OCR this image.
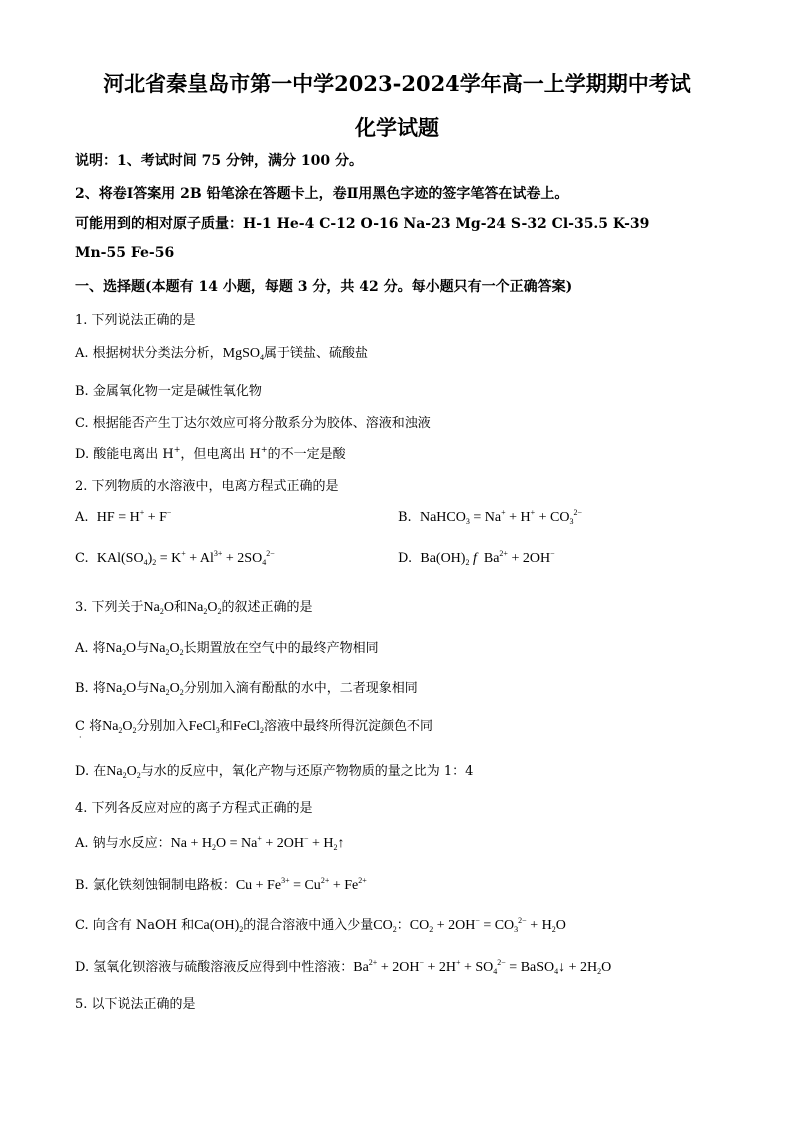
河北省秦皇岛市第一中学2023-2024学年高一上学期期中考试
化学试题
说明：1、考试时间 75 分钟，满分 100 分。
2、将卷Ⅰ答案用 2B 铅笔涂在答题卡上，卷Ⅱ用黑色字迹的签字笔答在试卷上。
可能用到的相对原子质量：H-1 He-4 C-12 O-16 Na-23 Mg-24 S-32 Cl-35.5 K-39
Mn-55 Fe-56
一、选择题(本题有 14 小题，每题 3 分，共 42 分。每小题只有一个正确答案)
1. 下列说法正确的是
A. 根据树状分类法分析，MgSO$_4$属于镁盐、硫酸盐
B. 金属氧化物一定是碱性氧化物
C. 根据能否产生丁达尔效应可将分散系分为胶体、溶液和浊液
D. 酸能电离出 H+，但电离出 H+的不一定是酸
2. 下列物质的水溶液中，电离方程式正确的是
A. HF = H+ + F−	B. NaHCO$_3$ = $Na^+ + H^+ + CO_3^{2-}$
C. $KAl(SO_4)_2 = K^+ + Al^{3+} + 2SO_4^{2-}$	D. $Ba(OH)_2$ f  $Ba^{2+} + 2OH^-$
3. 下列关于$Na_2O$和$Na_2O_2$的叙述正确的是
A. 将$Na_2O$与$Na_2O_2$长期置放在空气中的最终产物相同
B. 将$Na_2O$与$Na_2O_2$分别加入滴有酚酞的水中，二者现象相同
C 将$Na_2O_2$分别加入FeCl$_3$和FeCl$_2$溶液中最终所得沉淀颜色不同
·
D. 在$Na_2O_2$与水的反应中，氧化产物与还原产物物质的量之比为 1：4
4. 下列各反应对应的离子方程式正确的是
A. 钠与水反应：$Na + H_2O = Na^+ + 2OH^-$ + $H_2↑$
B. 氯化铁刻蚀铜制电路板：$Cu + Fe^{3+} = Cu^{2+} + Fe^{2+}$
C. 向含有 NaOH 和$Ca(OH)_2$的混合溶液中通入少量$CO_2$：$CO_2 + 2OH^- = CO_3^{2-} + H_2O$
D. 氢氧化钡溶液与硫酸溶液反应得到中性溶液：$Ba^{2+} + 2OH^- + 2H^+ + SO_4^{2-}$ = BaSO$_4$↓ + $2H_2O$
5. 以下说法正确的是
